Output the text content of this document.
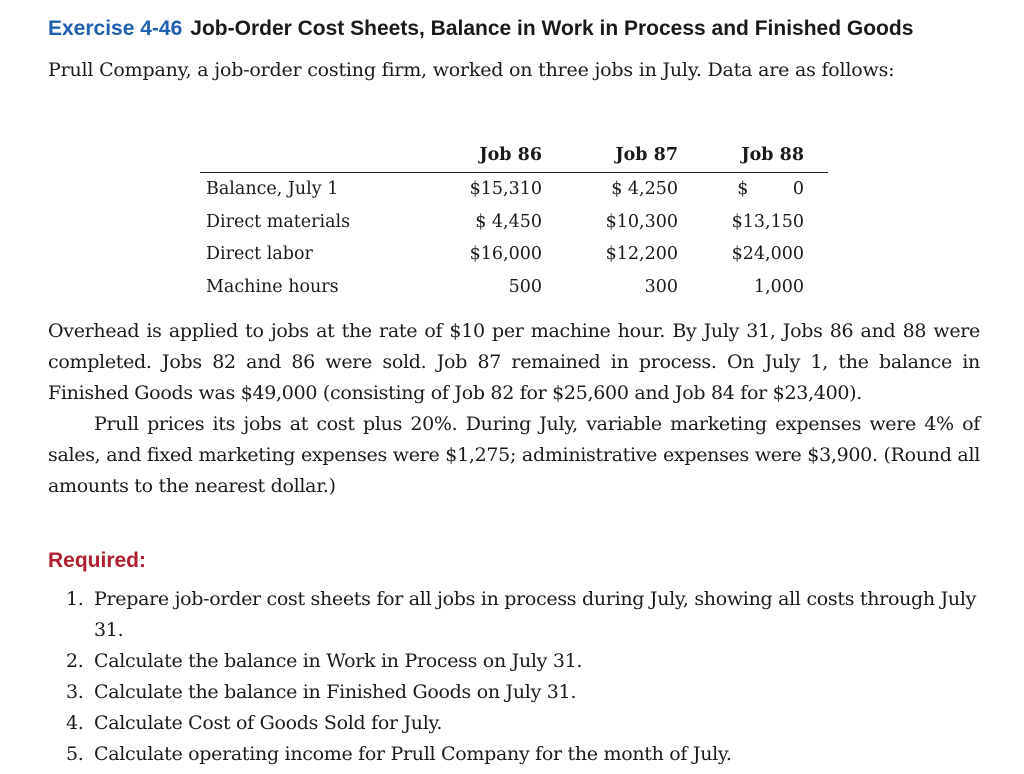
Exercise 4-46 Job-Order Cost Sheets, Balance in Work in Process and Finished Goods

Prull Company, a job-order costing firm, worked on three jobs in July. Data are as follows:

	Job 86	Job 87	Job 88	
Balance, July 1	$15,310	$ 4,250	$        0	
Direct materials	$ 4,450	$10,300	$13,150	
Direct labor	$16,000	$12,200	$24,000	
Machine hours	500	300	1,000	

Overhead is applied to jobs at the rate of $10 per machine hour. By July 31, Jobs 86 and 88 were completed. Jobs 82 and 86 were sold. Job 87 remained in process. On July 1, the balance in Finished Goods was $49,000 (consisting of Job 82 for $25,600 and Job 84 for $23,400).

Prull prices its jobs at cost plus 20%. During July, variable marketing expenses were 4% of sales, and fixed marketing expenses were $1,275; administrative expenses were $3,900. (Round all amounts to the nearest dollar.)

Required:
1. Prepare job-order cost sheets for all jobs in process during July, showing all costs through July 31.
2. Calculate the balance in Work in Process on July 31.
3. Calculate the balance in Finished Goods on July 31.
4. Calculate Cost of Goods Sold for July.
5. Calculate operating income for Prull Company for the month of July.
